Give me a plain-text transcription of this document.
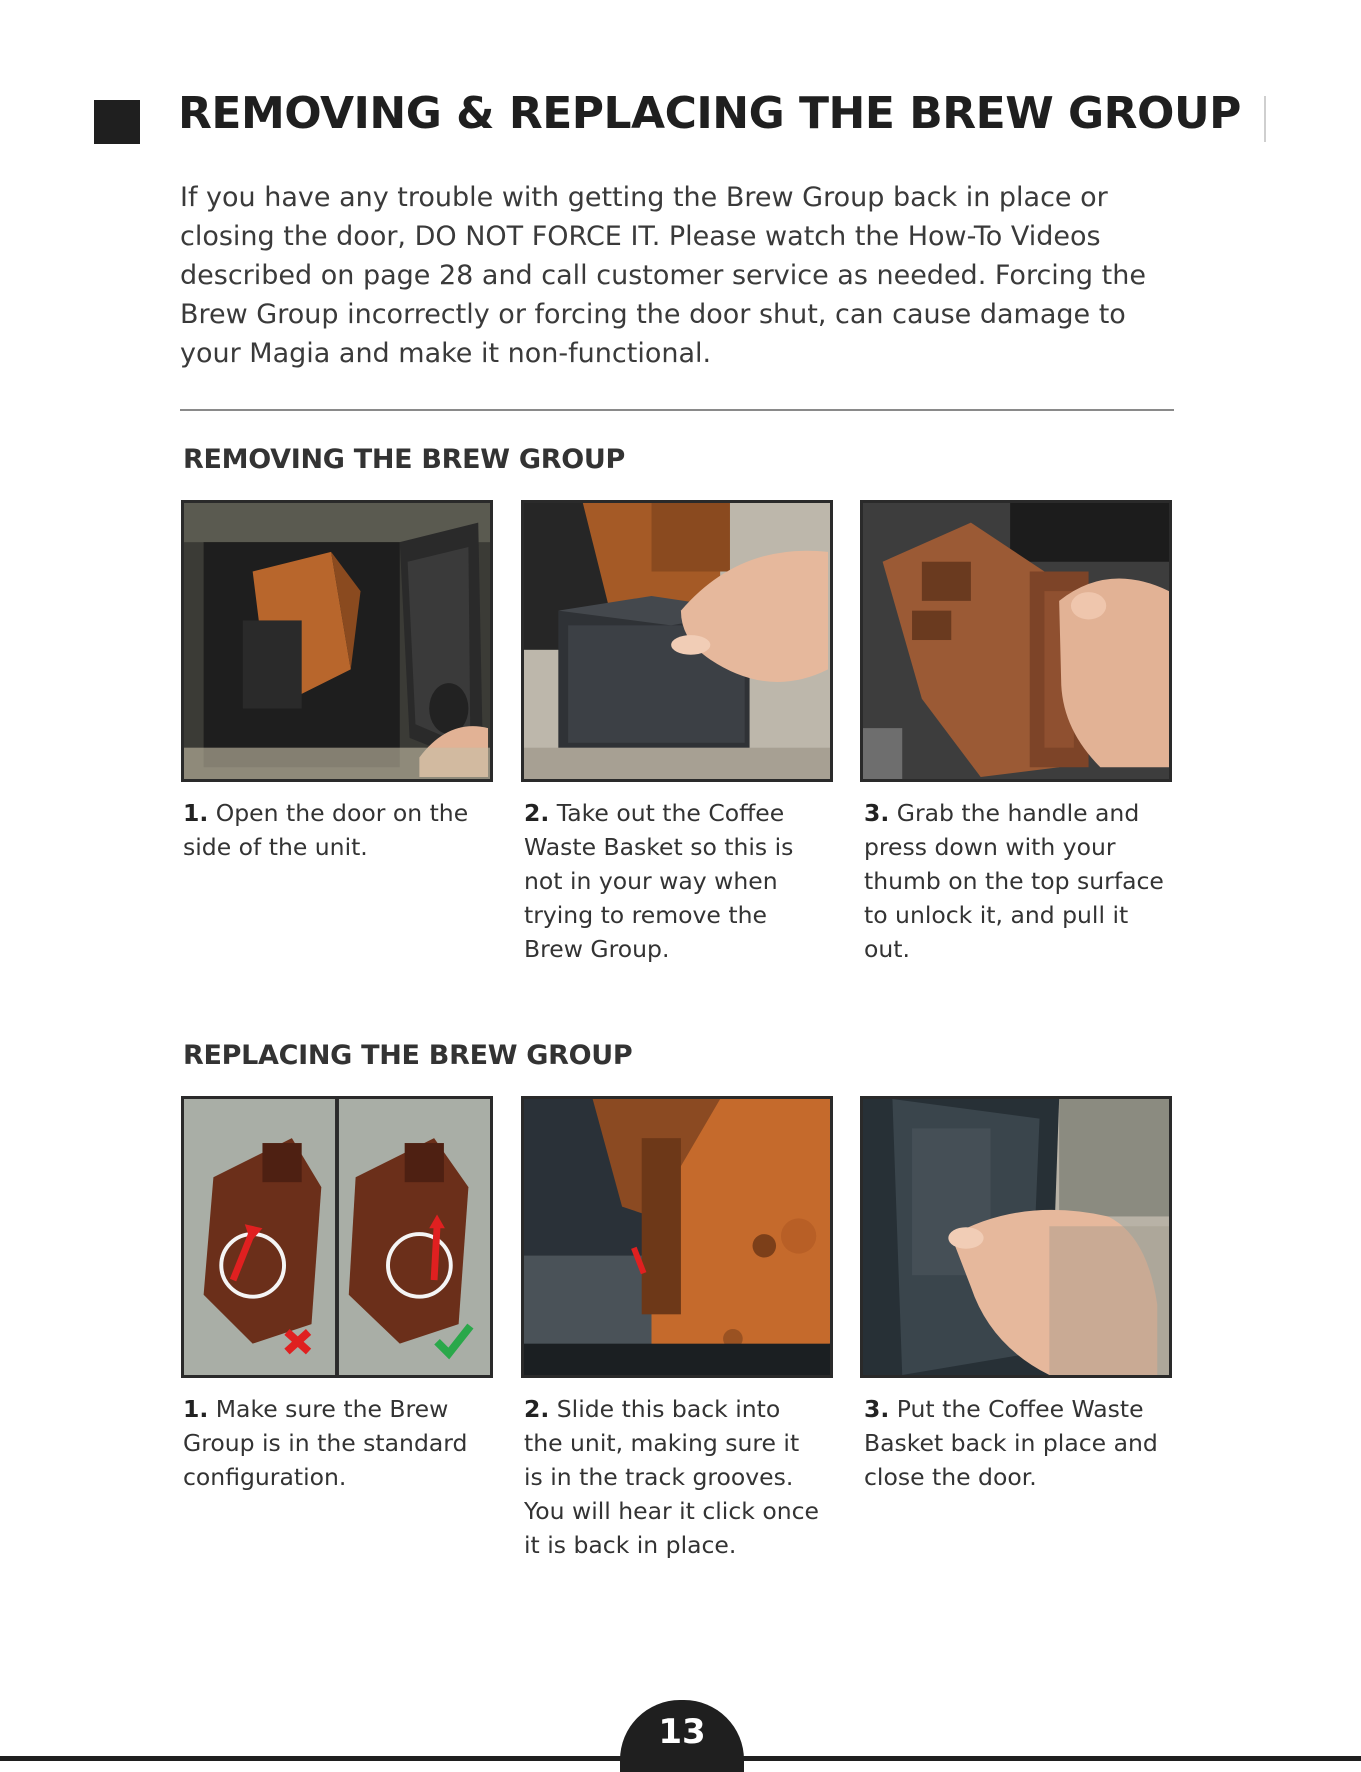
REMOVING & REPLACING THE BREW GROUP

If you have any trouble with getting the Brew Group back in place or closing the door, DO NOT FORCE IT. Please watch the How-To Videos described on page 28 and call customer service as needed. Forcing the Brew Group incorrectly or forcing the door shut, can cause damage to your Magia and make it non-functional.

REMOVING THE BREW GROUP

1. Open the door on the side of the unit.

2. Take out the Coffee Waste Basket so this is not in your way when trying to remove the Brew Group.

3. Grab the handle and press down with your thumb on the top surface to unlock it, and pull it out.

REPLACING THE BREW GROUP

1. Make sure the Brew Group is in the standard configuration.

2. Slide this back into the unit, making sure it is in the track grooves. You will hear it click once it is back in place.

3. Put the Coffee Waste Basket back in place and close the door.

13
